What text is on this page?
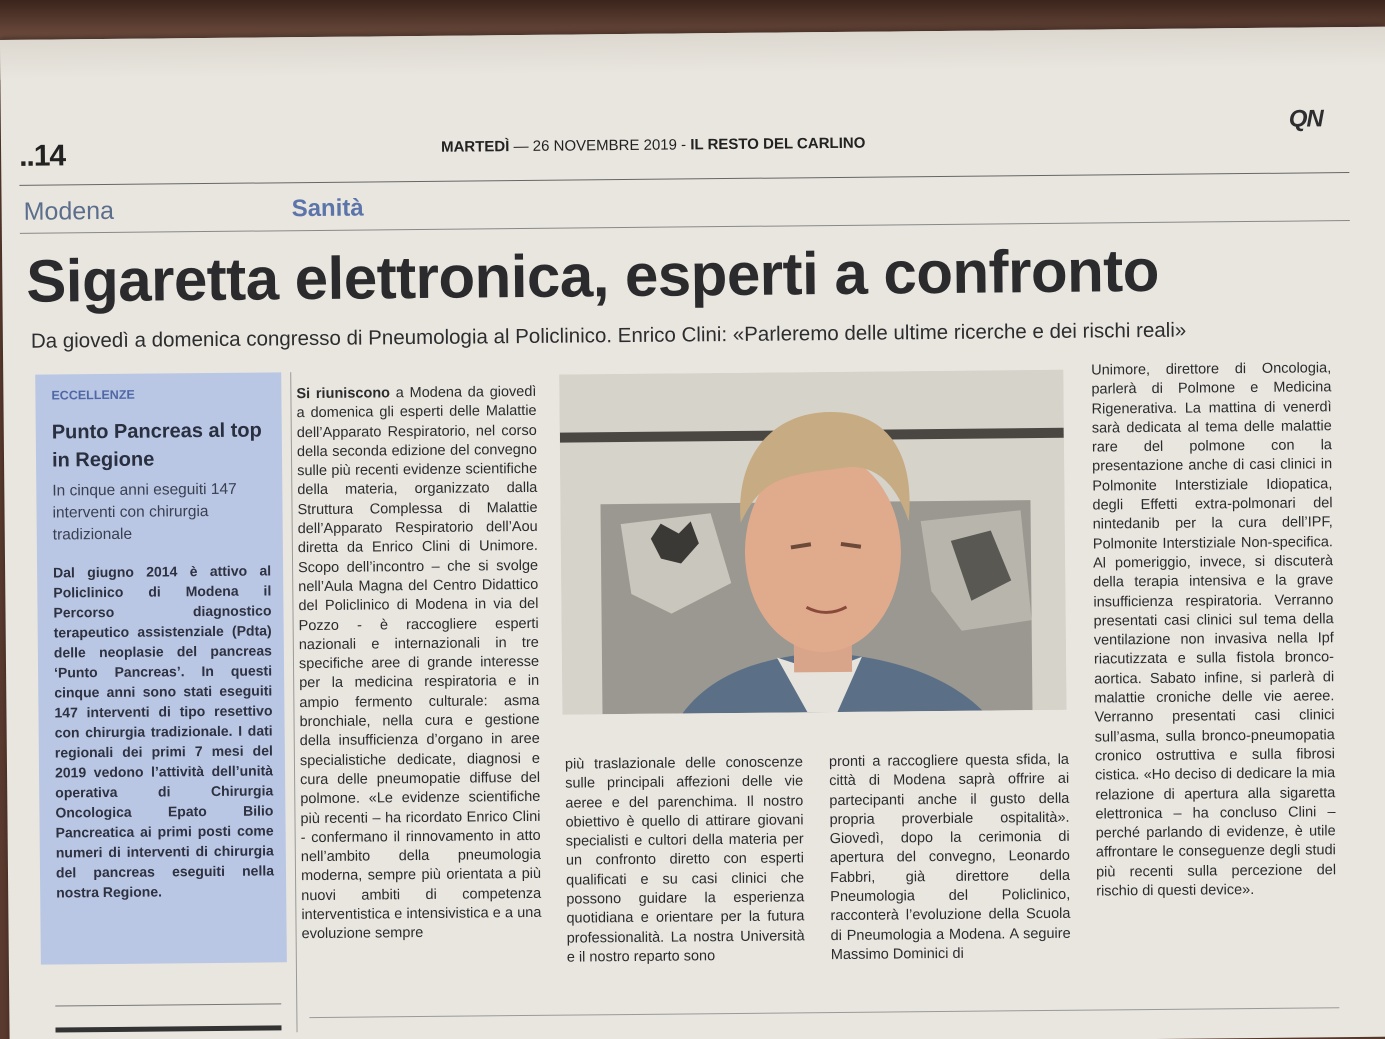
..14	MARTEDÌ — 26 NOVEMBRE 2019 - IL RESTO DEL CARLINO
QN
Modena	Sanità
Sigaretta elettronica, esperti a confronto
Da giovedì a domenica congresso di Pneumologia al Policlinico. Enrico Clini: «Parleremo delle ultime ricerche e dei rischi reali»
ECCELLENZE
Punto Pancreas al top in Regione
In cinque anni eseguiti 147 interventi con chirurgia tradizionale
Dal giugno 2014 è attivo al Policlinico di Modena il Percorso diagnostico terapeutico assistenziale (Pdta) delle neoplasie del pancreas ‘Punto Pancreas’. In questi cinque anni sono stati eseguiti 147 interventi di tipo resettivo con chirurgia tradizionale. I dati regionali dei primi 7 mesi del 2019 vedono l’attività dell’unità operativa di Chirurgia Oncologica Epato Bilio Pancreatica ai primi posti come numeri di interventi di chirurgia del pancreas eseguiti nella nostra Regione.
Si riuniscono a Modena da giovedì a domenica gli esperti delle Malattie dell’Apparato Respiratorio, nel corso della seconda edizione del convegno sulle più recenti evidenze scientifiche della materia, organizzato dalla Struttura Complessa di Malattie dell’Apparato Respiratorio dell’Aou diretta da Enrico Clini di Unimore. Scopo dell’incontro – che si svolge nell’Aula Magna del Centro Didattico del Policlinico di Modena in via del Pozzo - è raccogliere esperti nazionali e internazionali in tre specifiche aree di grande interesse per la medicina respiratoria e in ampio fermento culturale: asma bronchiale, nella cura e gestione della insufficienza d’organo in aree specialistiche dedicate, diagnosi e cura delle pneumopatie diffuse del polmone. «Le evidenze scientifiche più recenti – ha ricordato Enrico Clini - confermano il rinnovamento in atto nell’ambito della pneumologia moderna, sempre più orientata a più nuovi ambiti di competenza interventistica e intensivistica e a una evoluzione sempre
più traslazionale delle conoscenze sulle principali affezioni delle vie aeree e del parenchima. Il nostro obiettivo è quello di attirare giovani specialisti e cultori della materia per un confronto diretto con esperti qualificati e su casi clinici che possono guidare la esperienza quotidiana e orientare per la futura professionalità. La nostra Università e il nostro reparto sono
pronti a raccogliere questa sfida, la città di Modena saprà offrire ai partecipanti anche il gusto della propria proverbiale ospitalità». Giovedì, dopo la cerimonia di apertura del convegno, Leonardo Fabbri, già direttore della Pneumologia del Policlinico, racconterà l’evoluzione della Scuola di Pneumologia a Modena. A seguire Massimo Dominici di
Unimore, direttore di Oncologia, parlerà di Polmone e Medicina Rigenerativa. La mattina di venerdì sarà dedicata al tema delle malattie rare del polmone con la presentazione anche di casi clinici in Polmonite Interstiziale Idiopatica, degli Effetti extra-polmonari del nintedanib per la cura dell’IPF, Polmonite Interstiziale Non-specifica. Al pomeriggio, invece, si discuterà della terapia intensiva e la grave insufficienza respiratoria. Verranno presentati casi clinici sul tema della ventilazione non invasiva nella Ipf riacutizzata e sulla fistola bronco-aortica. Sabato infine, si parlerà di malattie croniche delle vie aeree. Verranno presentati casi clinici sull’asma, sulla bronco-pneumopatia cronico ostruttiva e sulla fibrosi cistica. «Ho deciso di dedicare la mia relazione di apertura alla sigaretta elettronica – ha concluso Clini – perché parlando di evidenze, è utile affrontare le conseguenze degli studi più recenti sulla percezione del rischio di questi device».
